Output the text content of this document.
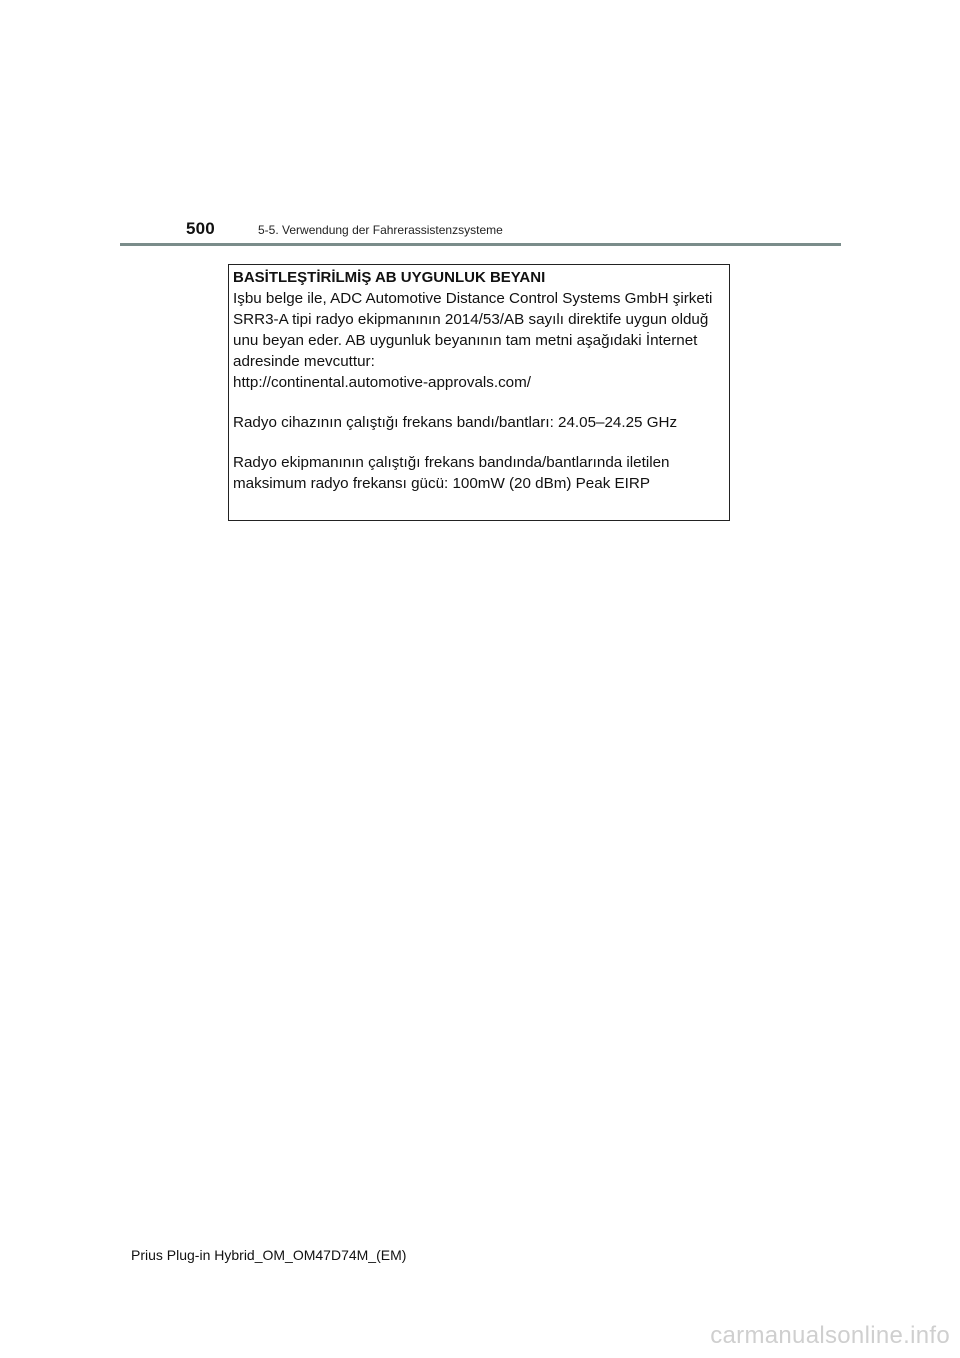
500	5-5. Verwendung der Fahrerassistenzsysteme
BASİTLEŞTİRİLMİŞ AB UYGUNLUK BEYANI
Işbu belge ile, ADC Automotive Distance Control Systems GmbH şirketi
SRR3-A tipi radyo ekipmanının 2014/53/AB sayılı direktife uygun olduğ
unu beyan eder. AB uygunluk beyanının tam metni aşağıdaki İnternet
adresinde mevcuttur:
http://continental.automotive-approvals.com/
Radyo cihazının çalıştığı frekans bandı/bantları: 24.05–24.25 GHz
Radyo ekipmanının çalıştığı frekans bandında/bantlarında iletilen
maksimum radyo frekansı gücü: 100mW (20 dBm) Peak EIRP
Prius Plug-in Hybrid_OM_OM47D74M_(EM)
carmanualsonline.info
